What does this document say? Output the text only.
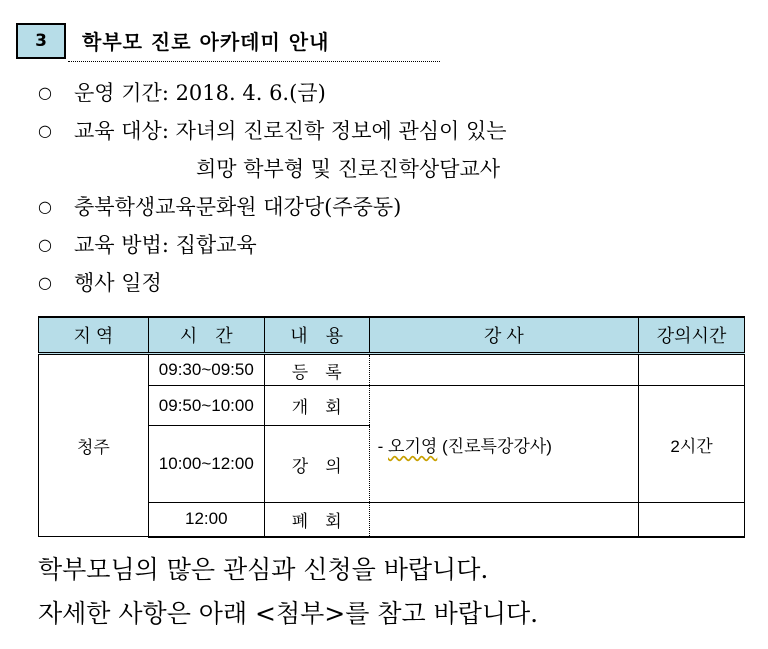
3	학부모 진로 아카데미 안내
○ 운영 기간: 2018. 4. 6.(금)
○ 교육 대상: 자녀의 진로진학 정보에 관심이 있는
희망 학부형 및 진로진학상담교사
○ 충북학생교육문화원 대강당(주중동)
○ 교육 방법: 집합교육
○ 행사 일정
지 역	시　간	내　용	강 사	강의시간
청주	09:30~09:50	등　록		
	09:50~10:00	개　회	- 오기영 (진로특강강사)	2시간
	10:00~12:00	강　의		
	12:00	폐　회		
학부모님의 많은 관심과 신청을 바랍니다.
자세한 사항은 아래 <첨부>를 참고 바랍니다.
